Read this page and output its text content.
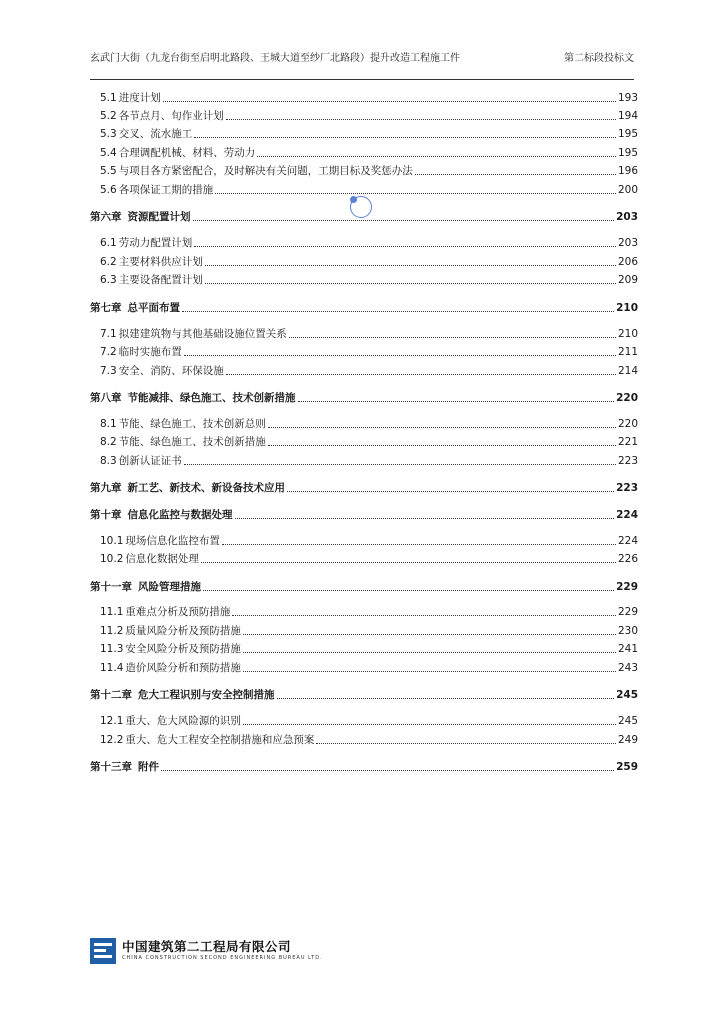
玄武门大街（九龙台街至启明北路段、王城大道至纱厂北路段）提升改造工程施工件	第二标段投标文
5.1 进度计划	193
5.2 各节点月、旬作业计划	194
5.3 交叉、流水施工	195
5.4 合理调配机械、材料、劳动力	195
5.5 与项目各方紧密配合，及时解决有关问题，工期目标及奖惩办法	196
5.6 各项保证工期的措施	200
第六章 资源配置计划	203
6.1 劳动力配置计划	203
6.2 主要材料供应计划	206
6.3 主要设备配置计划	209
第七章 总平面布置	210
7.1 拟建建筑物与其他基础设施位置关系	210
7.2 临时实施布置	211
7.3 安全、消防、环保设施	214
第八章 节能减排、绿色施工、技术创新措施	220
8.1 节能、绿色施工、技术创新总则	220
8.2 节能、绿色施工、技术创新措施	221
8.3 创新认证证书	223
第九章 新工艺、新技术、新设备技术应用	223
第十章 信息化监控与数据处理	224
10.1 现场信息化监控布置	224
10.2 信息化数据处理	226
第十一章 风险管理措施	229
11.1 重难点分析及预防措施	229
11.2 质量风险分析及预防措施	230
11.3 安全风险分析及预防措施	241
11.4 造价风险分析和预防措施	243
第十二章 危大工程识别与安全控制措施	245
12.1 重大、危大风险源的识别	245
12.2 重大、危大工程安全控制措施和应急预案	249
第十三章 附件	259
中国建筑第二工程局有限公司
CHINA CONSTRUCTION SECOND ENGINEERING BUREAU LTD.
